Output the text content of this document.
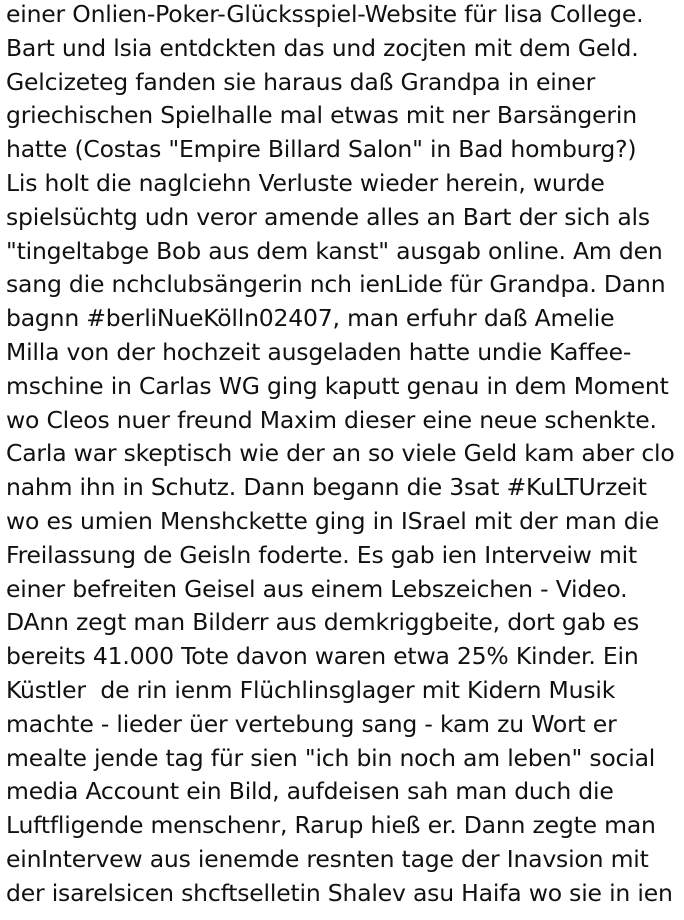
einer Onlien-Poker-Glücksspiel-Website für lisa College.
Bart und lsia entdckten das und zocjten mit dem Geld.
Gelcizeteg fanden sie haraus daß Grandpa in einer
griechischen Spielhalle mal etwas mit ner Barsängerin
hatte (Costas "Empire Billard Salon" in Bad homburg?)
Lis holt die naglciehn Verluste wieder herein, wurde
spielsüchtg udn veror amende alles an Bart der sich als
"tingeltabge Bob aus dem kanst" ausgab online. Am den
sang die nchclubsängerin nch ienLide für Grandpa. Dann
bagnn #berliNueKölln02407, man erfuhr daß Amelie
Milla von der hochzeit ausgeladen hatte undie Kaffee-
mschine in Carlas WG ging kaputt genau in dem Moment
wo Cleos nuer freund Maxim dieser eine neue schenkte.
Carla war skeptisch wie der an so viele Geld kam aber clo
nahm ihn in Schutz. Dann begann die 3sat #KuLTUrzeit
wo es umien Menshckette ging in ISrael mit der man die
Freilassung de Geisln foderte. Es gab ien Interveiw mit
einer befreiten Geisel aus einem Lebszeichen - Video.
DAnn zegt man Bilderr aus demkriggbeite, dort gab es
bereits 41.000 Tote davon waren etwa 25% Kinder. Ein
Küstler  de rin ienm Flüchlinsglager mit Kidern Musik
machte - lieder üer vertebung sang - kam zu Wort er
mealte jende tag für sien "ich bin noch am leben" social
media Account ein Bild, aufdeisen sah man duch die
Luftfligende menschenr, Rarup hieß er. Dann zegte man
einIntervew aus ienemde resnten tage der Inavsion mit
der isarelsicen shcftselletin Shalev asu Haifa wo sie in ien
